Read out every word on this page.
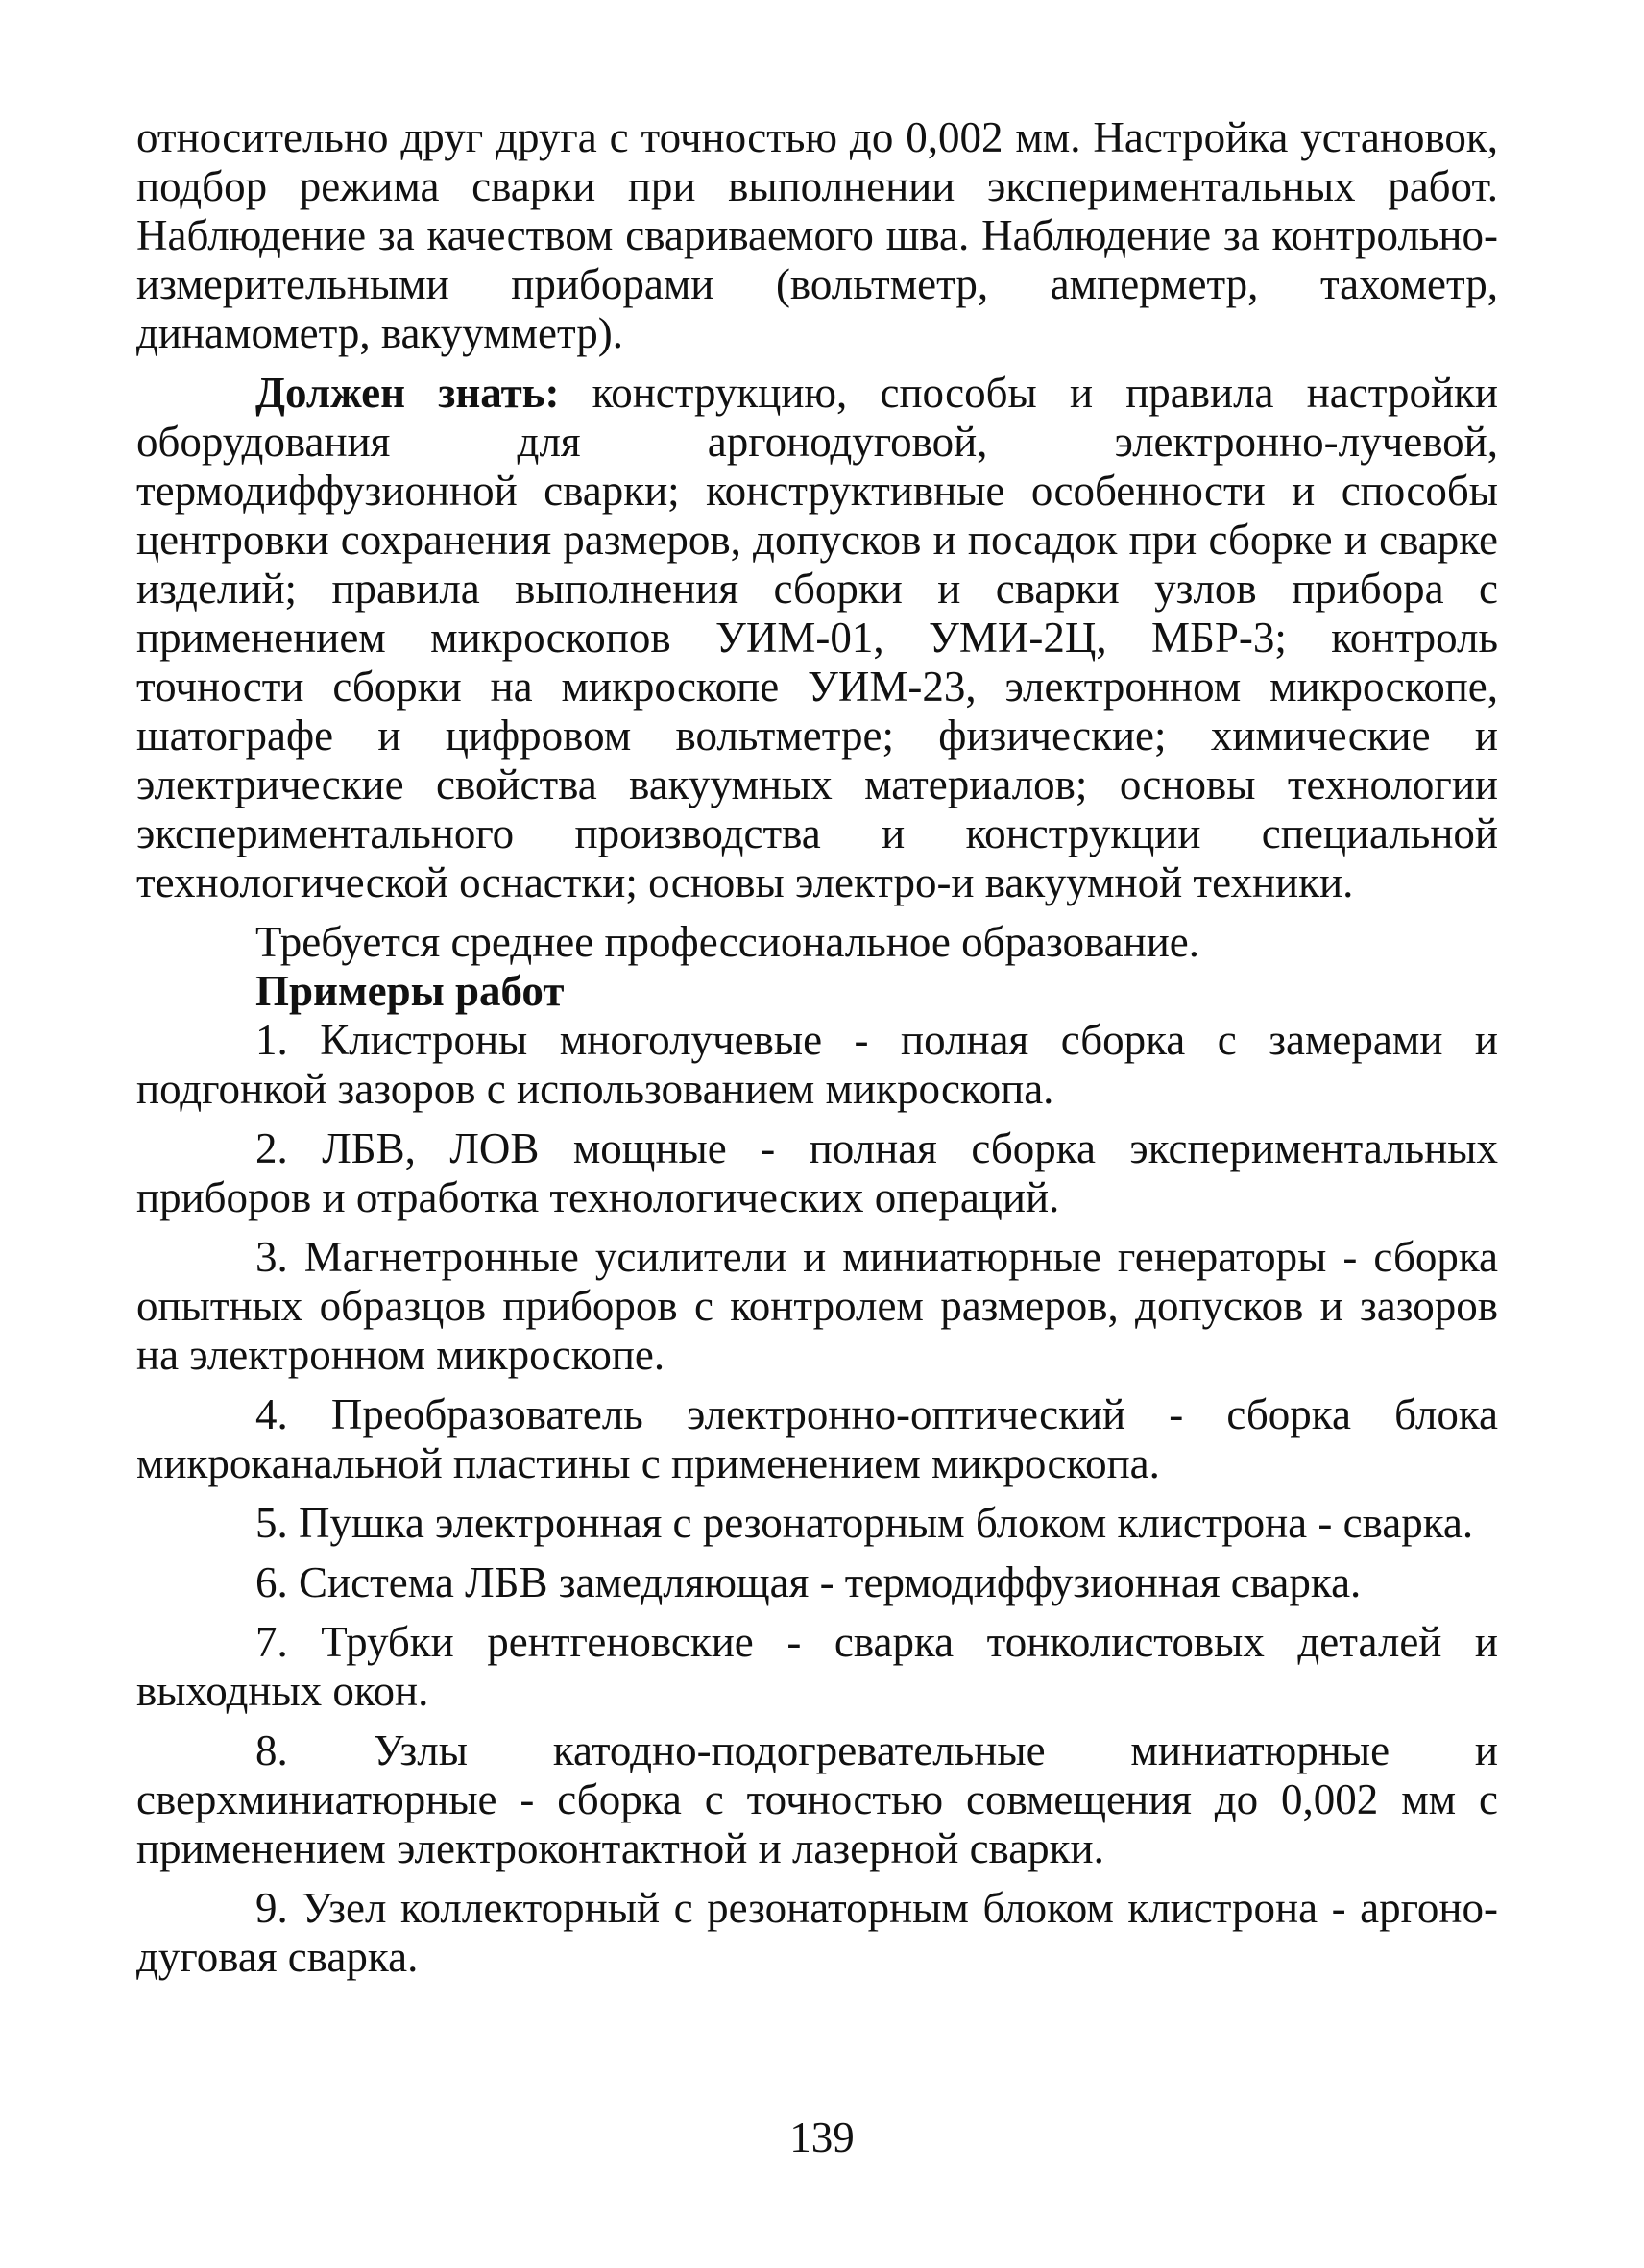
относительно друг друга с точностью до 0,002 мм. Настройка установок, подбор режима сварки при выполнении экспериментальных работ. Наблюдение за качеством свариваемого шва. Наблюдение за контрольно-измерительными приборами (вольтметр, амперметр, тахометр, динамометр, вакуумметр).

Должен знать: конструкцию, способы и правила настройки оборудования для аргонодуговой, электронно-лучевой, термодиффузионной сварки; конструктивные особенности и способы центровки сохранения размеров, допусков и посадок при сборке и сварке изделий; правила выполнения сборки и сварки узлов прибора с применением микроскопов УИМ-01, УМИ-2Ц, МБР-3; контроль точности сборки на микроскопе УИМ-23, электронном микроскопе, шатографе и цифровом вольтметре; физические; химические и электрические свойства вакуумных материалов; основы технологии экспериментального производства и конструкции специальной технологической оснастки; основы электро-и вакуумной техники.

Требуется среднее профессиональное образование.

Примеры работ

1. Клистроны многолучевые - полная сборка с замерами и подгонкой зазоров с использованием микроскопа.

2. ЛБВ, ЛОВ мощные - полная сборка экспериментальных приборов и отработка технологических операций.

3. Магнетронные усилители и миниатюрные генераторы - сборка опытных образцов приборов с контролем размеров, допусков и зазоров на электронном микроскопе.

4. Преобразователь электронно-оптический - сборка блока микроканальной пластины с применением микроскопа.

5. Пушка электронная с резонаторным блоком клистрона - сварка.

6. Система ЛБВ замедляющая - термодиффузионная сварка.

7. Трубки рентгеновские - сварка тонколистовых деталей и выходных окон.

8. Узлы катодно-подогревательные миниатюрные и сверхминиатюрные - сборка с точностью совмещения до 0,002 мм с применением электроконтактной и лазерной сварки.

9. Узел коллекторный с резонаторным блоком клистрона - аргоно-дуговая сварка.

139
